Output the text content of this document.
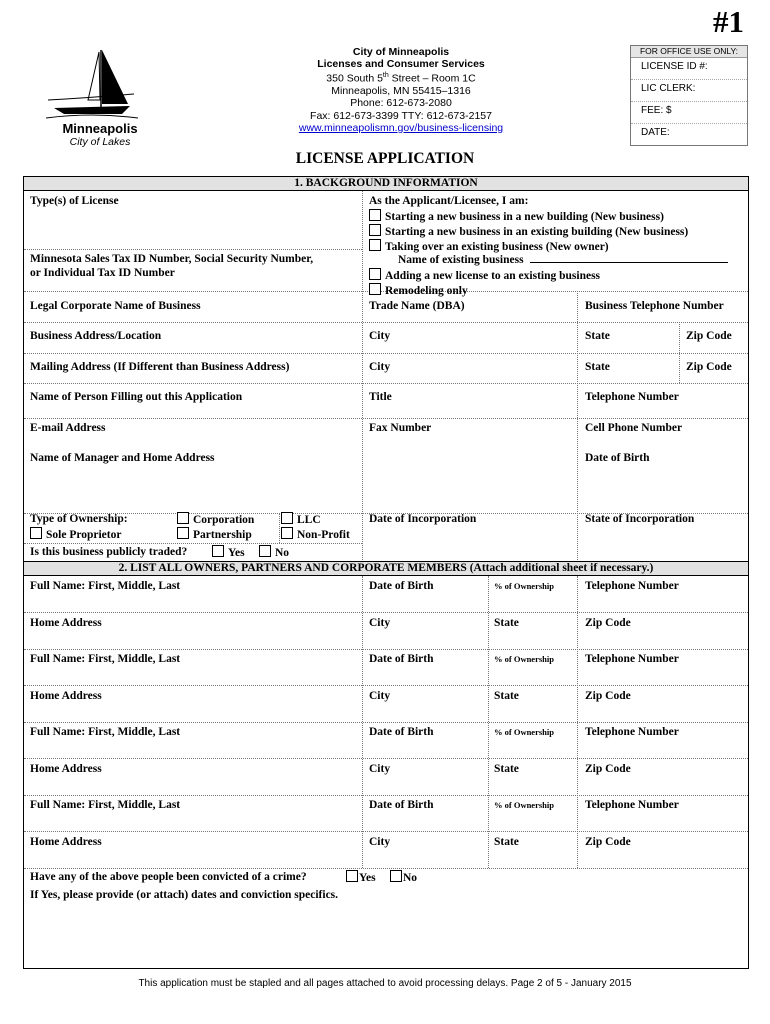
#1
Minneapolis
City of Lakes
City of Minneapolis
Licenses and Consumer Services
350 South 5th Street – Room 1C
Minneapolis, MN 55415–1316
Phone: 612-673-2080
Fax: 612-673-3399 TTY: 612-673-2157
www.minneapolismn.gov/business-licensing
FOR OFFICE USE ONLY:
LICENSE ID #:
LIC CLERK:
FEE: $
DATE:
LICENSE APPLICATION
1. BACKGROUND INFORMATION
Type(s) of License
Minnesota Sales Tax ID Number, Social Security Number,
or Individual Tax ID Number
As the Applicant/Licensee, I am:
Starting a new business in a new building (New business)
Starting a new business in an existing building (New business)
Taking over an existing business (New owner)
Name of existing business
Adding a new license to an existing business
Remodeling only
Legal Corporate Name of Business	Trade Name (DBA)	Business Telephone Number
Business Address/Location	City	State	Zip Code
Mailing Address (If Different than Business Address)	City	State	Zip Code
Name of Person Filling out this Application	Title	Telephone Number
E-mail Address	Fax Number	Cell Phone Number
Name of Manager and Home Address	Date of Birth
Type of Ownership:
Sole Proprietor
Corporation
Partnership
LLC
Non-Profit
Date of Incorporation	State of Incorporation
Is this business publicly traded?	Yes	No
2. LIST ALL OWNERS, PARTNERS AND CORPORATE MEMBERS (Attach additional sheet if necessary.)
Full Name: First, Middle, Last	Date of Birth	% of Ownership	Telephone Number
Home Address	City	State	Zip Code
Full Name: First, Middle, Last	Date of Birth	% of Ownership	Telephone Number
Home Address	City	State	Zip Code
Full Name: First, Middle, Last	Date of Birth	% of Ownership	Telephone Number
Home Address	City	State	Zip Code
Full Name: First, Middle, Last	Date of Birth	% of Ownership	Telephone Number
Home Address	City	State	Zip Code
Have any of the above people been convicted of a crime?	Yes	No
If Yes, please provide (or attach) dates and conviction specifics.
This application must be stapled and all pages attached to avoid processing delays. Page 2 of 5 - January 2015
